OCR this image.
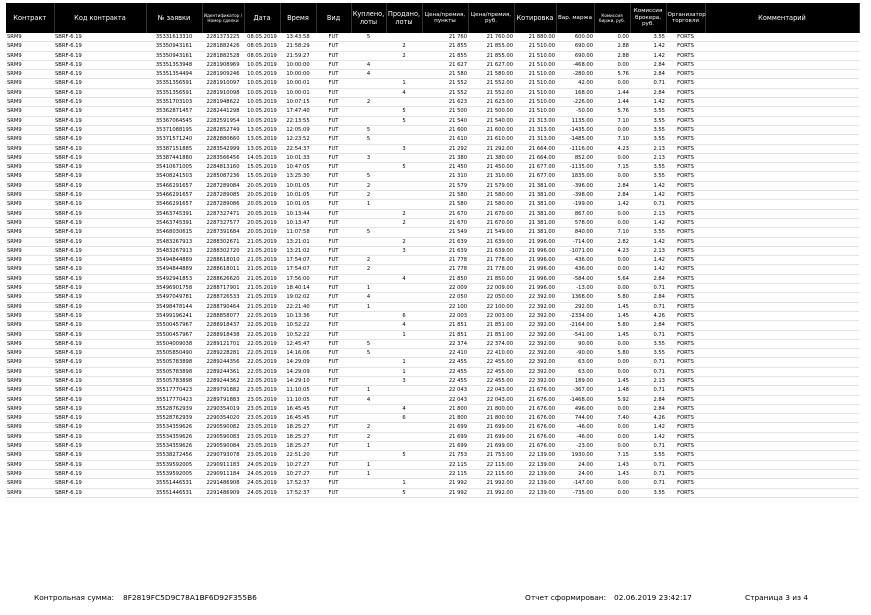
Контракт	Код контракта	№ заявки	Идентификатор /Номер сделки	Дата	Время	Вид	Куплено, лоты	Продано, лоты	Цена/премия, пункты	Цена/премия, руб.	Котировка	Вар. маржа	Комиссия биржи, руб.	Комиссия брокера, руб.	Организатор торговли	Комментарий
SRM9	SBRF-6.19	35331613310	2281373225	08.05.2019	13:43:58	FUT	5		21 760	21 760.00	21 880.00	600.00	0.00	3.55	FORTS	
SRM9	SBRF-6.19	35350943161	2281882426	08.05.2019	21:58:29	FUT		2	21 855	21 855.00	21 510.00	690.00	2.88	1.42	FORTS	
SRM9	SBRF-6.19	35350943161	2281882528	08.05.2019	21:59:27	FUT		2	21 855	21 855.00	21 510.00	690.00	2.88	1.42	FORTS	
SRM9	SBRF-6.19	35351353948	2281908969	10.05.2019	10:00:00	FUT	4		21 627	21 627.00	21 510.00	-468.00	0.00	2.84	FORTS	
SRM9	SBRF-6.19	35351354494	2281909246	10.05.2019	10:00:00	FUT	4		21 580	21 580.00	21 510.00	-280.00	5.76	2.84	FORTS	
SRM9	SBRF-6.19	35351356591	2281910097	10.05.2019	10:00:01	FUT		1	21 552	21 552.00	21 510.00	42.00	0.00	0.71	FORTS	
SRM9	SBRF-6.19	35351356591	2281910098	10.05.2019	10:00:01	FUT		4	21 552	21 552.00	21 510.00	168.00	1.44	2.84	FORTS	
SRM9	SBRF-6.19	35351703103	2281948622	10.05.2019	10:07:15	FUT	2		21 623	21 623.00	21 510.00	-226.00	1.44	1.42	FORTS	
SRM9	SBRF-6.19	35362871457	2282441298	10.05.2019	17:47:40	FUT		5	21 500	21 500.00	21 510.00	-50.00	5.76	3.55	FORTS	
SRM9	SBRF-6.19	35367064545	2282591954	10.05.2019	22:13:55	FUT		5	21 540	21 540.00	21 313.00	1135.00	7.10	3.55	FORTS	
SRM9	SBRF-6.19	35371088195	2282852749	13.05.2019	12:05:09	FUT	5		21 600	21 600.00	21 313.00	-1435.00	0.00	3.55	FORTS	
SRM9	SBRF-6.19	35371571240	2282880660	13.05.2019	12:23:52	FUT	5		21 610	21 610.00	21 313.00	-1485.00	7.10	3.55	FORTS	
SRM9	SBRF-6.19	35387151885	2283542999	13.05.2019	22:54:37	FUT		3	21 292	21 292.00	21 664.00	-1116.00	4.23	2.13	FORTS	
SRM9	SBRF-6.19	35387441880	2283566456	14.05.2019	10:01:33	FUT	3		21 380	21 380.00	21 664.00	852.00	0.00	2.13	FORTS	
SRM9	SBRF-6.19	35410671005	2284813160	15.05.2019	10:47:05	FUT		5	21 450	21 450.00	21 677.00	-1135.00	7.15	3.55	FORTS	
SRM9	SBRF-6.19	35408241503	2285087236	15.05.2019	13:25:30	FUT	5		21 310	21 310.00	21 677.00	1835.00	0.00	3.55	FORTS	
SRM9	SBRF-6.19	35466291657	2287289084	20.05.2019	10:01:05	FUT	2		21 579	21 579.00	21 381.00	-396.00	2.84	1.42	FORTS	
SRM9	SBRF-6.19	35466291657	2287289085	20.05.2019	10:01:05	FUT	2		21 580	21 580.00	21 381.00	-398.00	2.84	1.42	FORTS	
SRM9	SBRF-6.19	35466291657	2287289086	20.05.2019	10:01:05	FUT	1		21 580	21 580.00	21 381.00	-199.00	1.42	0.71	FORTS	
SRM9	SBRF-6.19	35463745391	2287327471	20.05.2019	10:13:44	FUT		2	21 670	21 670.00	21 381.00	867.00	0.00	2.13	FORTS	
SRM9	SBRF-6.19	35463745391	2287327577	20.05.2019	10:13:47	FUT		2	21 670	21 670.00	21 381.00	578.00	0.00	1.42	FORTS	
SRM9	SBRF-6.19	35468030615	2287391684	20.05.2019	11:07:58	FUT	5		21 549	21 549.00	21 381.00	840.00	7.10	3.55	FORTS	
SRM9	SBRF-6.19	35483267913	2288302671	21.05.2019	13:21:01	FUT		2	21 639	21 639.00	21 996.00	-714.00	2.82	1.42	FORTS	
SRM9	SBRF-6.19	35483267913	2288302720	21.05.2019	13:21:02	FUT		3	21 639	21 639.00	21 996.00	-1071.00	4.23	2.13	FORTS	
SRM9	SBRF-6.19	35494844889	2288618010	21.05.2019	17:54:07	FUT	2		21 778	21 778.00	21 996.00	436.00	0.00	1.42	FORTS	
SRM9	SBRF-6.19	35494844889	2288618011	21.05.2019	17:54:07	FUT	2		21 778	21 778.00	21 996.00	436.00	0.00	1.42	FORTS	
SRM9	SBRF-6.19	35492941853	2288626620	21.05.2019	17:56:00	FUT		4	21 850	21 850.00	21 996.00	-584.00	5.64	2.84	FORTS	
SRM9	SBRF-6.19	35496901758	2288717901	21.05.2019	18:40:14	FUT	1		22 009	22 009.00	21 996.00	-13.00	0.00	0.71	FORTS	
SRM9	SBRF-6.19	35497049781	2288726533	21.05.2019	19:02:02	FUT	4		22 050	22 050.00	22 392.00	1368.00	5.80	2.84	FORTS	
SRM9	SBRF-6.19	35498478144	2288790464	21.05.2019	22:21:40	FUT	1		22 100	22 100.00	22 392.00	292.00	1.45	0.71	FORTS	
SRM9	SBRF-6.19	35499196241	2288858077	22.05.2019	10:13:36	FUT		6	22 003	22 003.00	22 392.00	-2334.00	1.45	4.26	FORTS	
SRM9	SBRF-6.19	35500457967	2288918437	22.05.2019	10:52:22	FUT		4	21 851	21 851.00	22 392.00	-2164.00	5.80	2.84	FORTS	
SRM9	SBRF-6.19	35500457967	2288918438	22.05.2019	10:52:22	FUT		1	21 851	21 851.00	22 392.00	-541.00	1.45	0.71	FORTS	
SRM9	SBRF-6.19	35504009038	2289121701	22.05.2019	12:45:47	FUT	5		22 374	22 374.00	22 392.00	90.00	0.00	3.55	FORTS	
SRM9	SBRF-6.19	35505850490	2289228281	22.05.2019	14:16:06	FUT	5		22 410	22 410.00	22 392.00	-90.00	5.80	3.55	FORTS	
SRM9	SBRF-6.19	35505783898	2289244356	22.05.2019	14:29:09	FUT		1	22 455	22 455.00	22 392.00	63.00	0.00	0.71	FORTS	
SRM9	SBRF-6.19	35505783898	2289244361	22.05.2019	14:29:09	FUT		1	22 455	22 455.00	22 392.00	63.00	0.00	0.71	FORTS	
SRM9	SBRF-6.19	35505783898	2289244362	22.05.2019	14:29:10	FUT		3	22 455	22 455.00	22 392.00	189.00	1.45	2.13	FORTS	
SRM9	SBRF-6.19	35517770423	2289791882	23.05.2019	11:10:05	FUT	1		22 043	22 043.00	21 676.00	-367.00	1.48	0.71	FORTS	
SRM9	SBRF-6.19	35517770423	2289791883	23.05.2019	11:10:05	FUT	4		22 043	22 043.00	21 676.00	-1468.00	5.92	2.84	FORTS	
SRM9	SBRF-6.19	35528762939	2290354019	23.05.2019	16:45:45	FUT		4	21 800	21 800.00	21 676.00	496.00	0.00	2.84	FORTS	
SRM9	SBRF-6.19	35528762939	2290354020	23.05.2019	16:45:45	FUT		6	21 800	21 800.00	21 676.00	744.00	7.40	4.26	FORTS	
SRM9	SBRF-6.19	35534359626	2290590082	23.05.2019	18:25:27	FUT	2		21 699	21 699.00	21 676.00	-46.00	0.00	1.42	FORTS	
SRM9	SBRF-6.19	35534359626	2290590083	23.05.2019	18:25:27	FUT	2		21 699	21 699.00	21 676.00	-46.00	0.00	1.42	FORTS	
SRM9	SBRF-6.19	35534359626	2290590084	23.05.2019	18:25:27	FUT	1		21 699	21 699.00	21 676.00	-23.00	0.00	0.71	FORTS	
SRM9	SBRF-6.19	35538272456	2290793078	23.05.2019	22:51:20	FUT		5	21 753	21 753.00	22 139.00	1930.00	7.15	3.55	FORTS	
SRM9	SBRF-6.19	35539592005	2290911183	24.05.2019	10:27:27	FUT	1		22 115	22 115.00	22 139.00	24.00	1.43	0.71	FORTS	
SRM9	SBRF-6.19	35539592005	2290911184	24.05.2019	10:27:27	FUT	1		22 115	22 115.00	22 139.00	24.00	1.43	0.71	FORTS	
SRM9	SBRF-6.19	35551446531	2291486908	24.05.2019	17:52:37	FUT		1	21 992	21 992.00	22 139.00	-147.00	0.00	0.71	FORTS	
SRM9	SBRF-6.19	35551446531	2291486909	24.05.2019	17:52:37	FUT		5	21 992	21 992.00	22 139.00	-735.00	0.00	3.55	FORTS	
Контрольная сумма: 8F2819FC5D9C78A1BF6D92F355B6	Отчет сформирован: 02.06.2019 23:42:17	Страница 3 из 4
